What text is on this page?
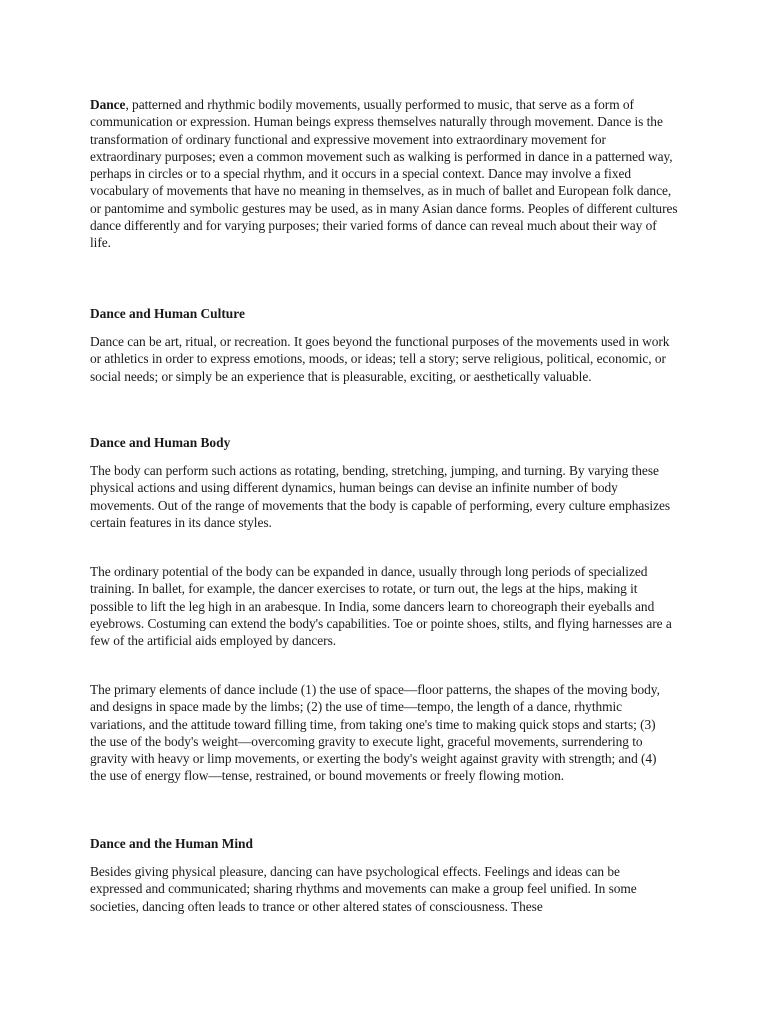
Dance, patterned and rhythmic bodily movements, usually performed to music, that serve as a form of communication or expression. Human beings express themselves naturally through movement. Dance is the transformation of ordinary functional and expressive movement into extraordinary movement for extraordinary purposes; even a common movement such as walking is performed in dance in a patterned way, perhaps in circles or to a special rhythm, and it occurs in a special context. Dance may involve a fixed vocabulary of movements that have no meaning in themselves, as in much of ballet and European folk dance, or pantomime and symbolic gestures may be used, as in many Asian dance forms. Peoples of different cultures dance differently and for varying purposes; their varied forms of dance can reveal much about their way of life.

Dance and Human Culture

Dance can be art, ritual, or recreation. It goes beyond the functional purposes of the movements used in work or athletics in order to express emotions, moods, or ideas; tell a story; serve religious, political, economic, or social needs; or simply be an experience that is pleasurable, exciting, or aesthetically valuable.

Dance and Human Body

The body can perform such actions as rotating, bending, stretching, jumping, and turning. By varying these physical actions and using different dynamics, human beings can devise an infinite number of body movements. Out of the range of movements that the body is capable of performing, every culture emphasizes certain features in its dance styles.

The ordinary potential of the body can be expanded in dance, usually through long periods of specialized training. In ballet, for example, the dancer exercises to rotate, or turn out, the legs at the hips, making it possible to lift the leg high in an arabesque. In India, some dancers learn to choreograph their eyeballs and eyebrows. Costuming can extend the body's capabilities. Toe or pointe shoes, stilts, and flying harnesses are a few of the artificial aids employed by dancers.

The primary elements of dance include (1) the use of space—floor patterns, the shapes of the moving body, and designs in space made by the limbs; (2) the use of time—tempo, the length of a dance, rhythmic variations, and the attitude toward filling time, from taking one's time to making quick stops and starts; (3) the use of the body's weight—overcoming gravity to execute light, graceful movements, surrendering to gravity with heavy or limp movements, or exerting the body's weight against gravity with strength; and (4) the use of energy flow—tense, restrained, or bound movements or freely flowing motion.

Dance and the Human Mind

Besides giving physical pleasure, dancing can have psychological effects. Feelings and ideas can be expressed and communicated; sharing rhythms and movements can make a group feel unified. In some societies, dancing often leads to trance or other altered states of consciousness. These
